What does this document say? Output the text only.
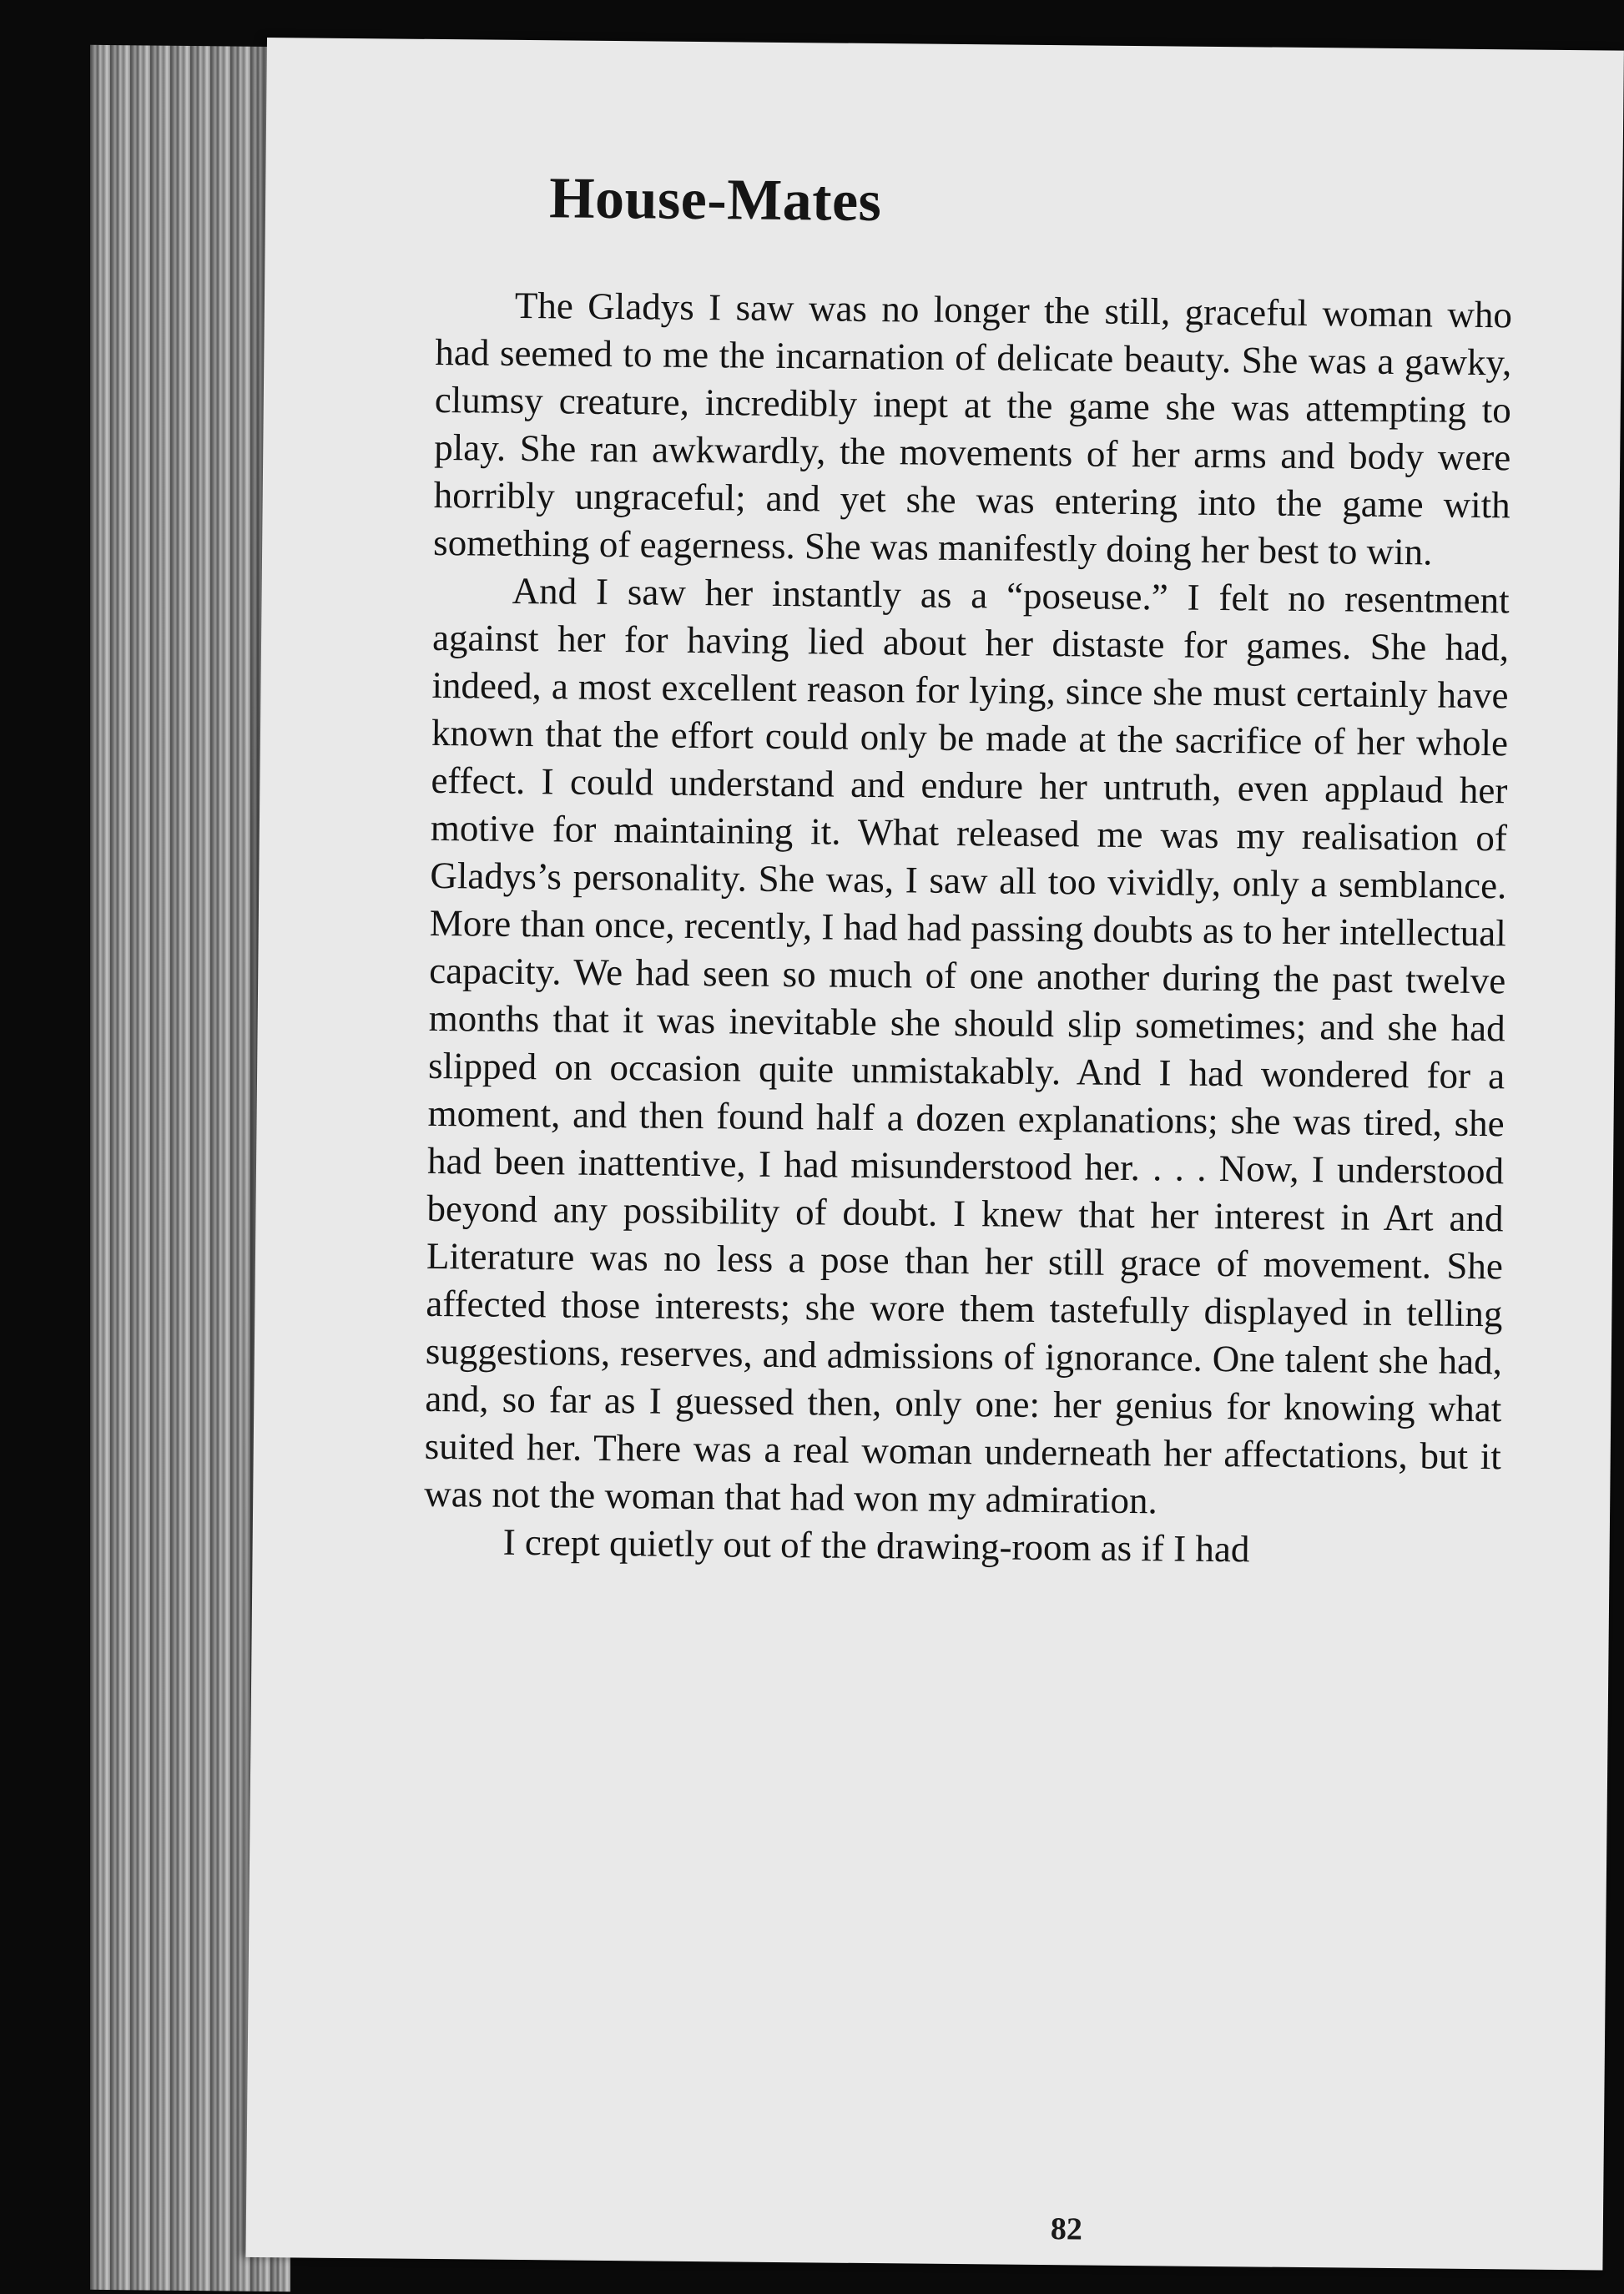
House-Mates

The Gladys I saw was no longer the still, graceful woman who had seemed to me the incarnation of delicate beauty. She was a gawky, clumsy creature, incredibly inept at the game she was attempting to play. She ran awkwardly, the movements of her arms and body were horribly ungraceful; and yet she was entering into the game with something of eagerness. She was manifestly doing her best to win.

And I saw her instantly as a “poseuse.” I felt no resentment against her for having lied about her distaste for games. She had, indeed, a most excellent reason for lying, since she must certainly have known that the effort could only be made at the sacrifice of her whole effect. I could understand and endure her untruth, even applaud her motive for maintaining it. What released me was my realisation of Gladys’s personality. She was, I saw all too vividly, only a semblance. More than once, recently, I had had passing doubts as to her intellectual capacity. We had seen so much of one another during the past twelve months that it was inevitable she should slip sometimes; and she had slipped on occasion quite unmistakably. And I had wondered for a moment, and then found half a dozen explanations; she was tired, she had been inattentive, I had misunderstood her. . . . Now, I understood beyond any possibility of doubt. I knew that her interest in Art and Literature was no less a pose than her still grace of movement. She affected those interests; she wore them tastefully displayed in telling suggestions, reserves, and admissions of ignorance. One talent she had, and, so far as I guessed then, only one: her genius for knowing what suited her. There was a real woman underneath her affectations, but it was not the woman that had won my admiration.

I crept quietly out of the drawing-room as if I had

82
